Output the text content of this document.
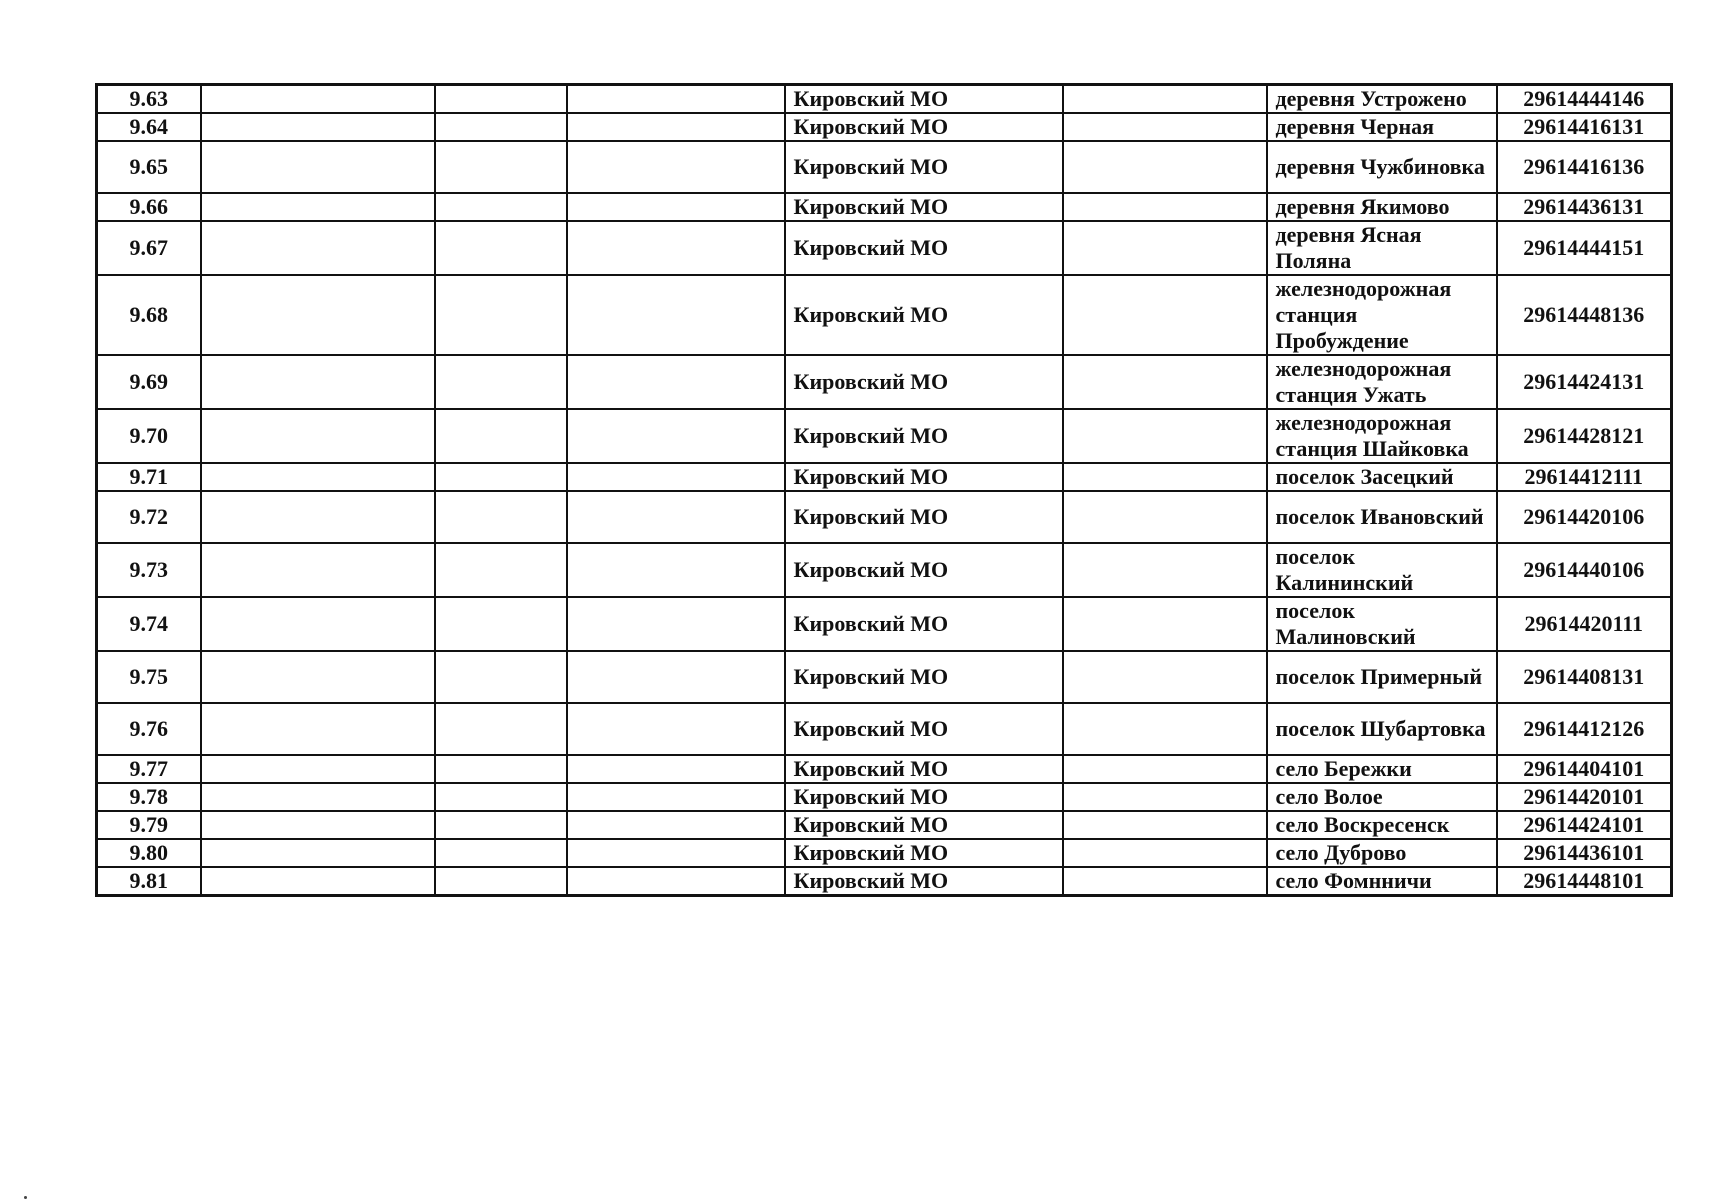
9.63				Кировский МО		деревня Устрожено	29614444146
9.64				Кировский МО		деревня Черная	29614416131
9.65				Кировский МО		деревня Чужбиновка	29614416136
9.66				Кировский МО		деревня Якимово	29614436131
9.67				Кировский МО		деревня Ясная Поляна	29614444151
9.68				Кировский МО		железнодорожная станция Пробуждение	29614448136
9.69				Кировский МО		железнодорожная станция Ужать	29614424131
9.70				Кировский МО		железнодорожная станция Шайковка	29614428121
9.71				Кировский МО		поселок Засецкий	29614412111
9.72				Кировский МО		поселок Ивановский	29614420106
9.73				Кировский МО		поселок Калининский	29614440106
9.74				Кировский МО		поселок Малиновский	29614420111
9.75				Кировский МО		поселок Примерный	29614408131
9.76				Кировский МО		поселок Шубартовка	29614412126
9.77				Кировский МО		село Бережки	29614404101
9.78				Кировский МО		село Волое	29614420101
9.79				Кировский МО		село Воскресенск	29614424101
9.80				Кировский МО		село Дуброво	29614436101
9.81				Кировский МО		село Фомнничи	29614448101
